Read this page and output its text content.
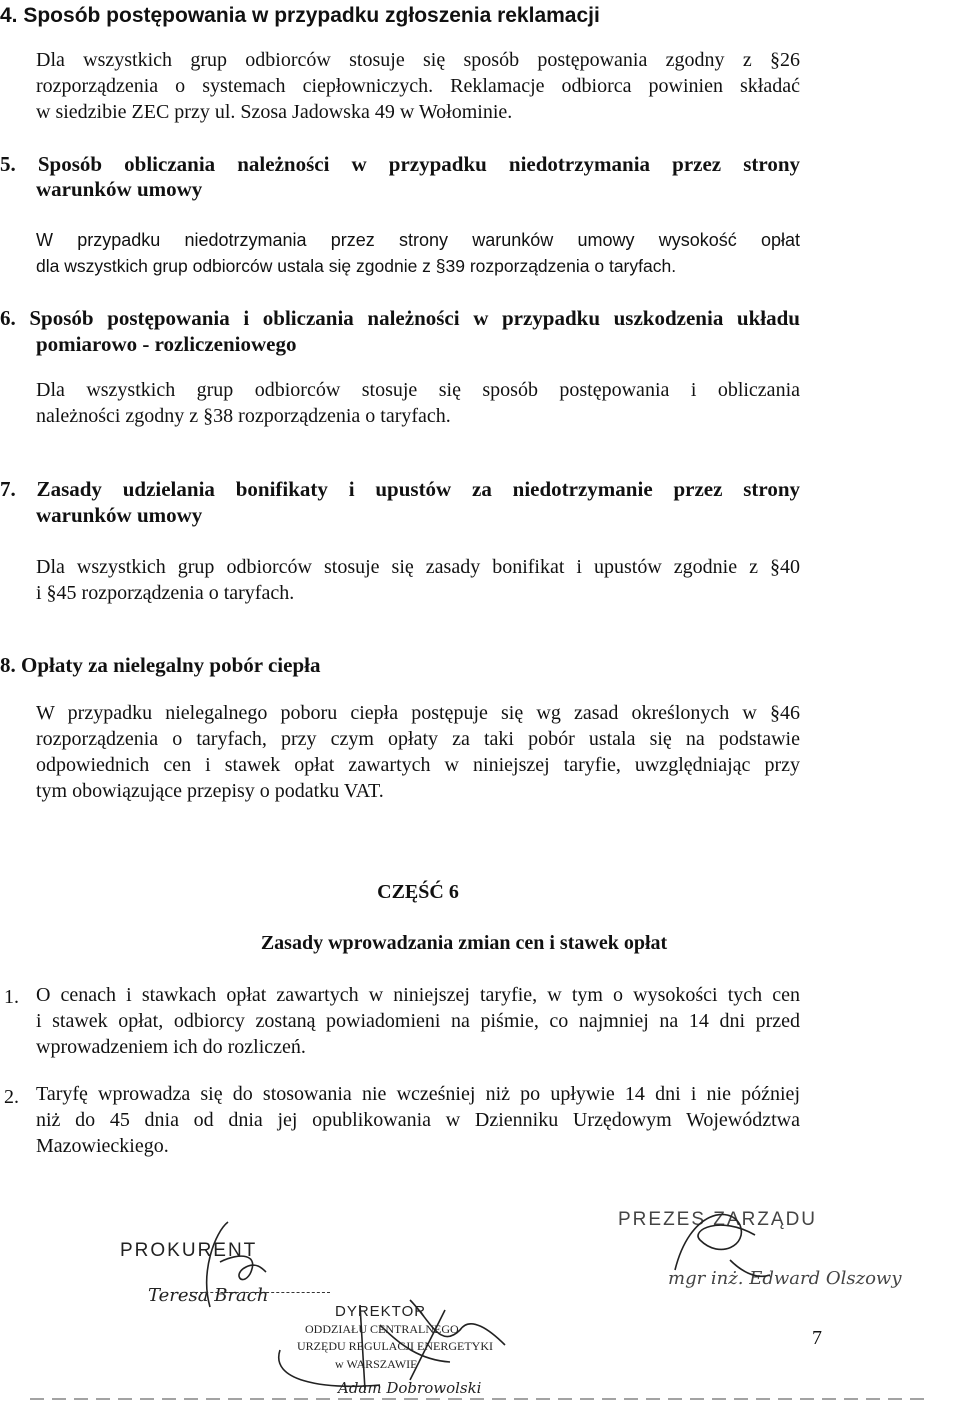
4. Sposób postępowania w przypadku zgłoszenia reklamacji
Dla wszystkich grup odbiorców stosuje się sposób postępowania zgodny z §26
rozporządzenia o systemach ciepłowniczych. Reklamacje odbiorca powinien składać
w siedzibie ZEC przy ul. Szosa Jadowska 49 w Wołominie.
5. Sposób obliczania należności w przypadku niedotrzymania przez strony
warunków umowy
W przypadku niedotrzymania przez strony warunków umowy wysokość opłat
dla wszystkich grup odbiorców ustala się zgodnie z §39 rozporządzenia o taryfach.
6. Sposób postępowania i obliczania należności w przypadku uszkodzenia układu
pomiarowo - rozliczeniowego
Dla wszystkich grup odbiorców stosuje się sposób postępowania i obliczania
należności zgodny z §38 rozporządzenia o taryfach.
7. Zasady udzielania bonifikaty i upustów za niedotrzymanie przez strony
warunków umowy
Dla wszystkich grup odbiorców stosuje się zasady bonifikat i upustów zgodnie z §40
i §45 rozporządzenia o taryfach.
8. Opłaty za nielegalny pobór ciepła
W przypadku nielegalnego poboru ciepła postępuje się wg zasad określonych w §46
rozporządzenia o taryfach, przy czym opłaty za taki pobór ustala się na podstawie
odpowiednich cen i stawek opłat zawartych w niniejszej taryfie, uwzględniając przy
tym obowiązujące przepisy o podatku VAT.
CZĘŚĆ 6
Zasady wprowadzania zmian cen i stawek opłat
1. O cenach i stawkach opłat zawartych w niniejszej taryfie, w tym o wysokości tych cen
i stawek opłat, odbiorcy zostaną powiadomieni na piśmie, co najmniej na 14 dni przed
wprowadzeniem ich do rozliczeń.
2. Taryfę wprowadza się do stosowania nie wcześniej niż po upływie 14 dni i nie później
niż do 45 dnia od dnia jej opublikowania w Dzienniku Urzędowym Województwa
Mazowieckiego.
PROKURENT
Teresa Brach
DYREKTOR
ODDZIAŁU CENTRALNEGO
URZĘDU REGULACJI ENERGETYKI
w WARSZAWIE
Adam Dobrowolski
PREZES ZARZĄDU
mgr inż. Edward Olszowy
7
